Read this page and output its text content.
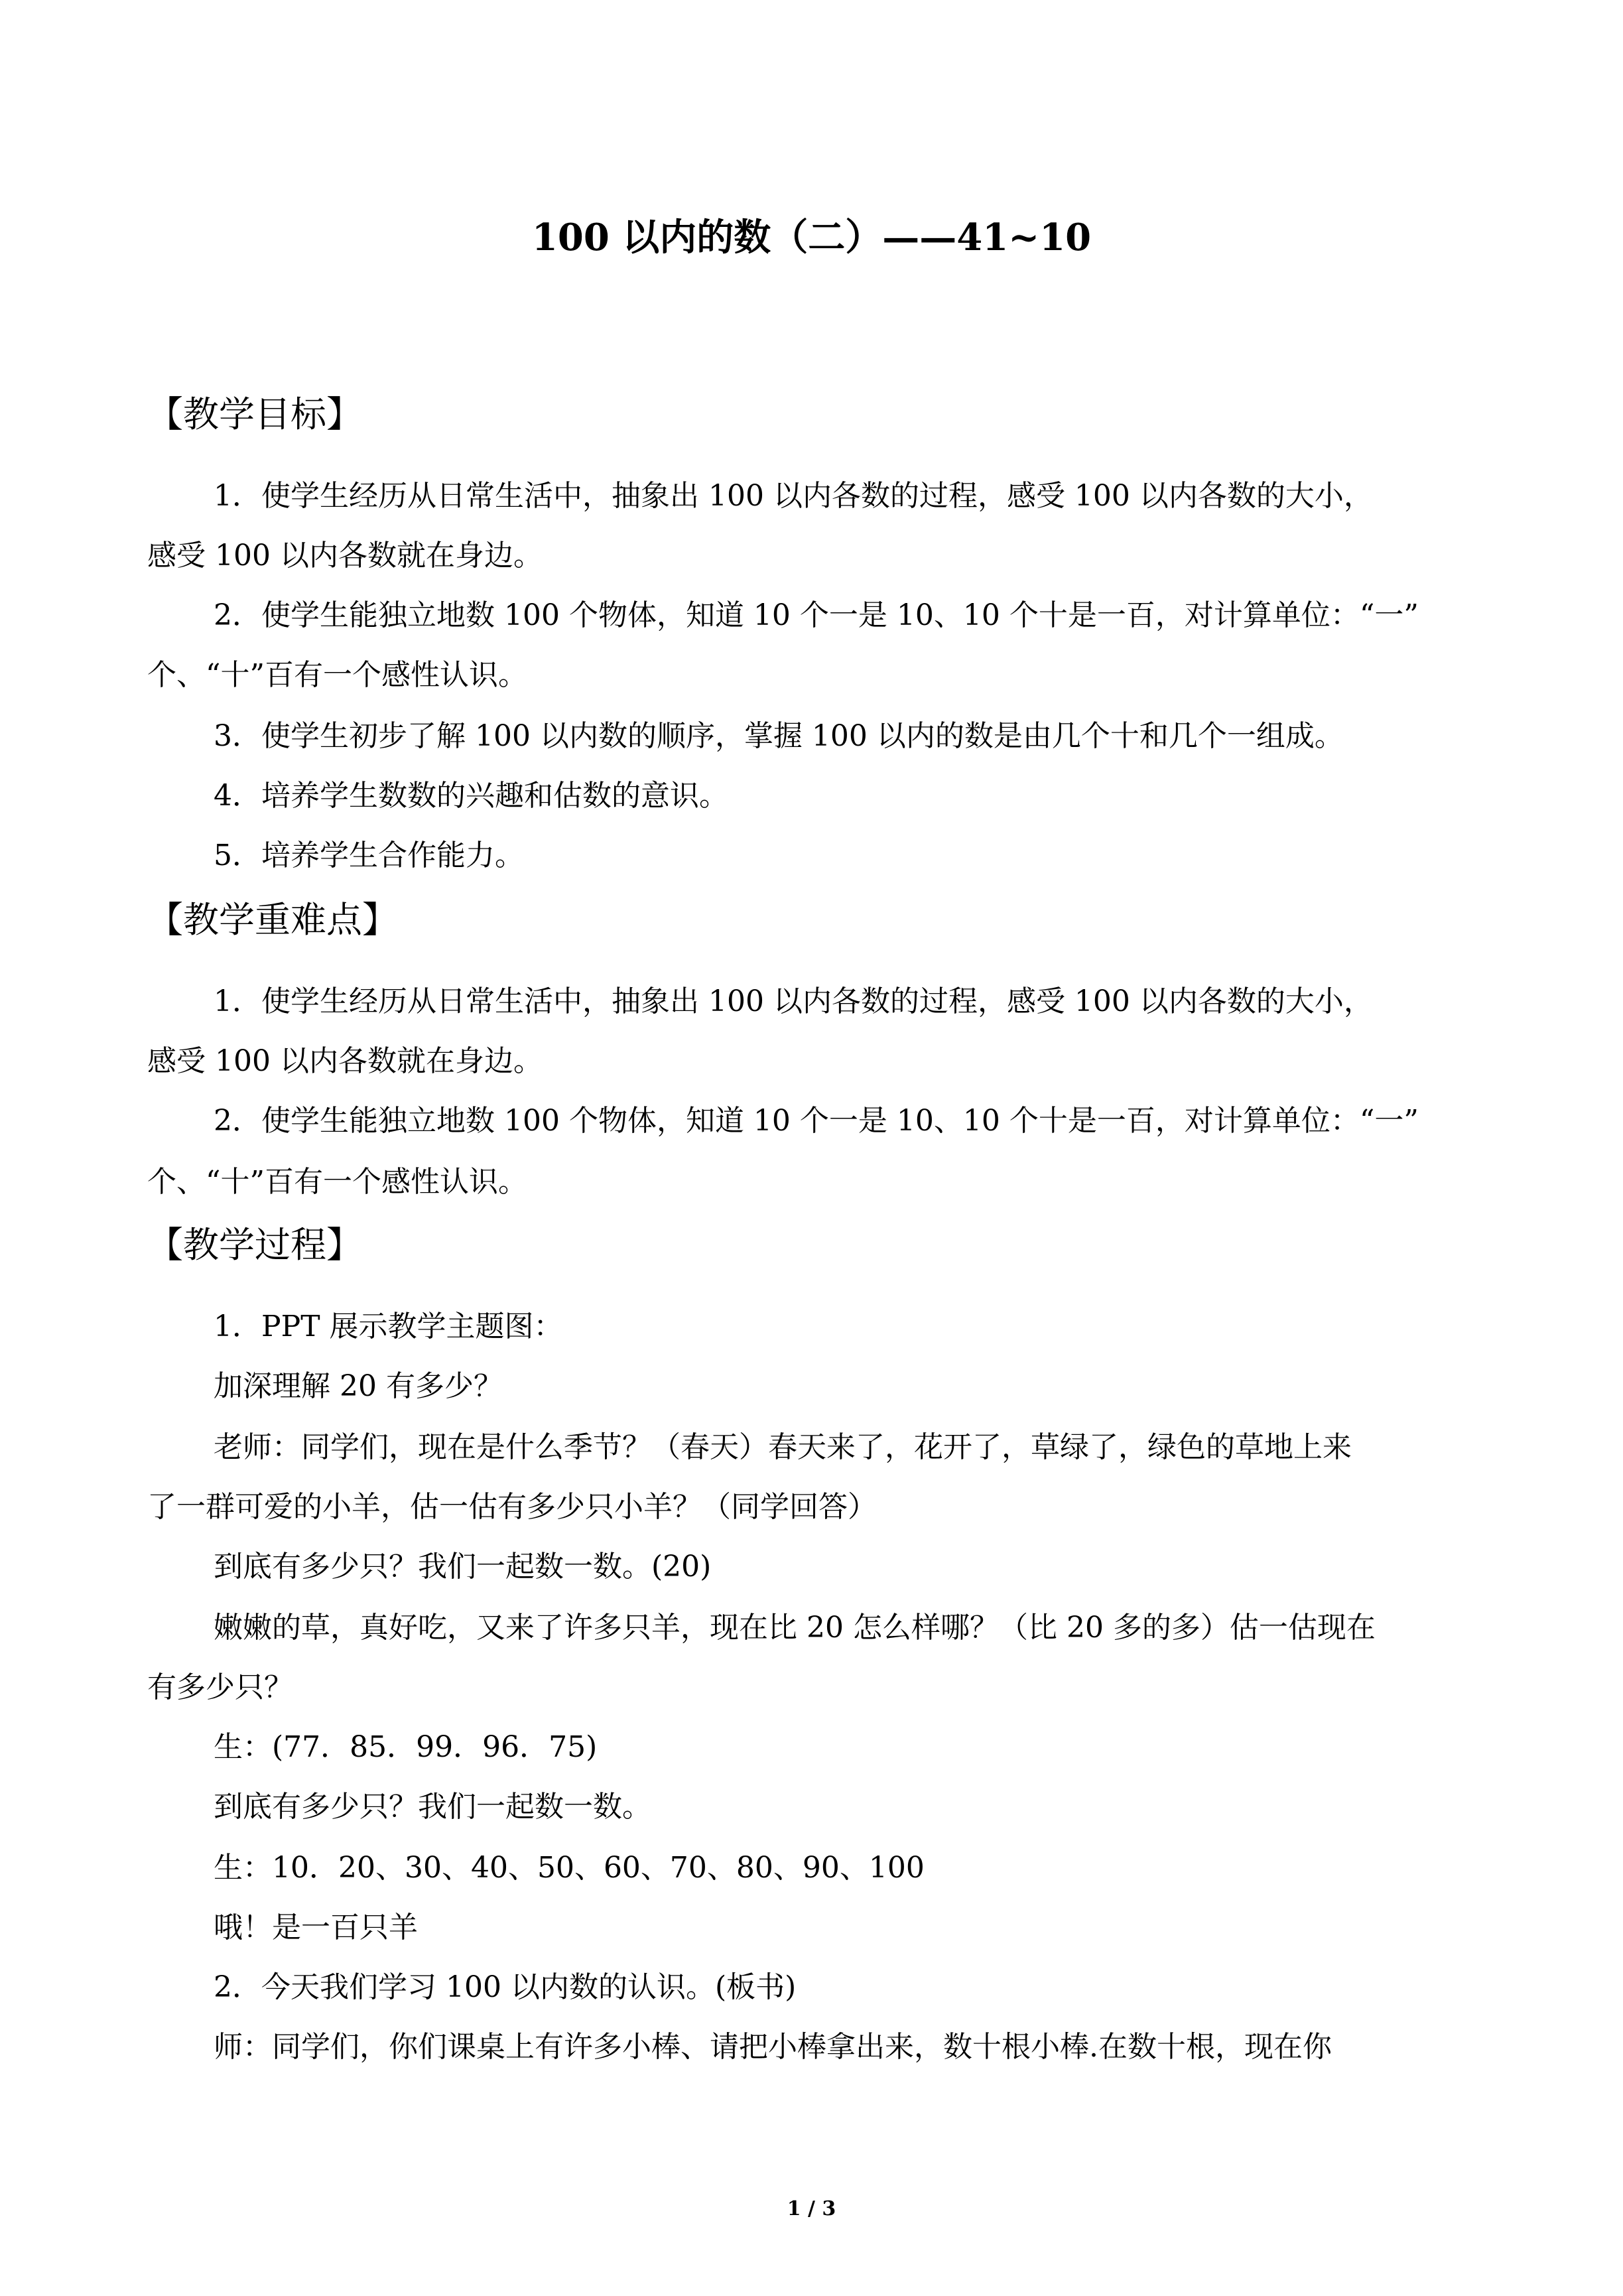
100 以内的数（二）——41~10
【教学目标】
1．使学生经历从日常生活中，抽象出 100 以内各数的过程，感受 100 以内各数的大小，
感受 100 以内各数就在身边。
2．使学生能独立地数 100 个物体，知道 10 个一是 10、10 个十是一百，对计算单位：“一”
个、“十”百有一个感性认识。
3．使学生初步了解 100 以内数的顺序，掌握 100 以内的数是由几个十和几个一组成。
4．培养学生数数的兴趣和估数的意识。
5．培养学生合作能力。
【教学重难点】
1．使学生经历从日常生活中，抽象出 100 以内各数的过程，感受 100 以内各数的大小，
感受 100 以内各数就在身边。
2．使学生能独立地数 100 个物体，知道 10 个一是 10、10 个十是一百，对计算单位：“一”
个、“十”百有一个感性认识。
【教学过程】
1．PPT 展示教学主题图：
加深理解 20 有多少？
老师：同学们，现在是什么季节？（春天）春天来了，花开了，草绿了，绿色的草地上来
了一群可爱的小羊，估一估有多少只小羊？（同学回答）
到底有多少只？我们一起数一数。(20)
嫩嫩的草，真好吃，又来了许多只羊，现在比 20 怎么样哪？（比 20 多的多）估一估现在
有多少只？
生：(77．85．99．96．75)
到底有多少只？我们一起数一数。
生：10．20、30、40、50、60、70、80、90、100
哦！是一百只羊
2．今天我们学习 100 以内数的认识。(板书)
师：同学们，你们课桌上有许多小棒、请把小棒拿出来，数十根小棒.在数十根，现在你
1 / 3
